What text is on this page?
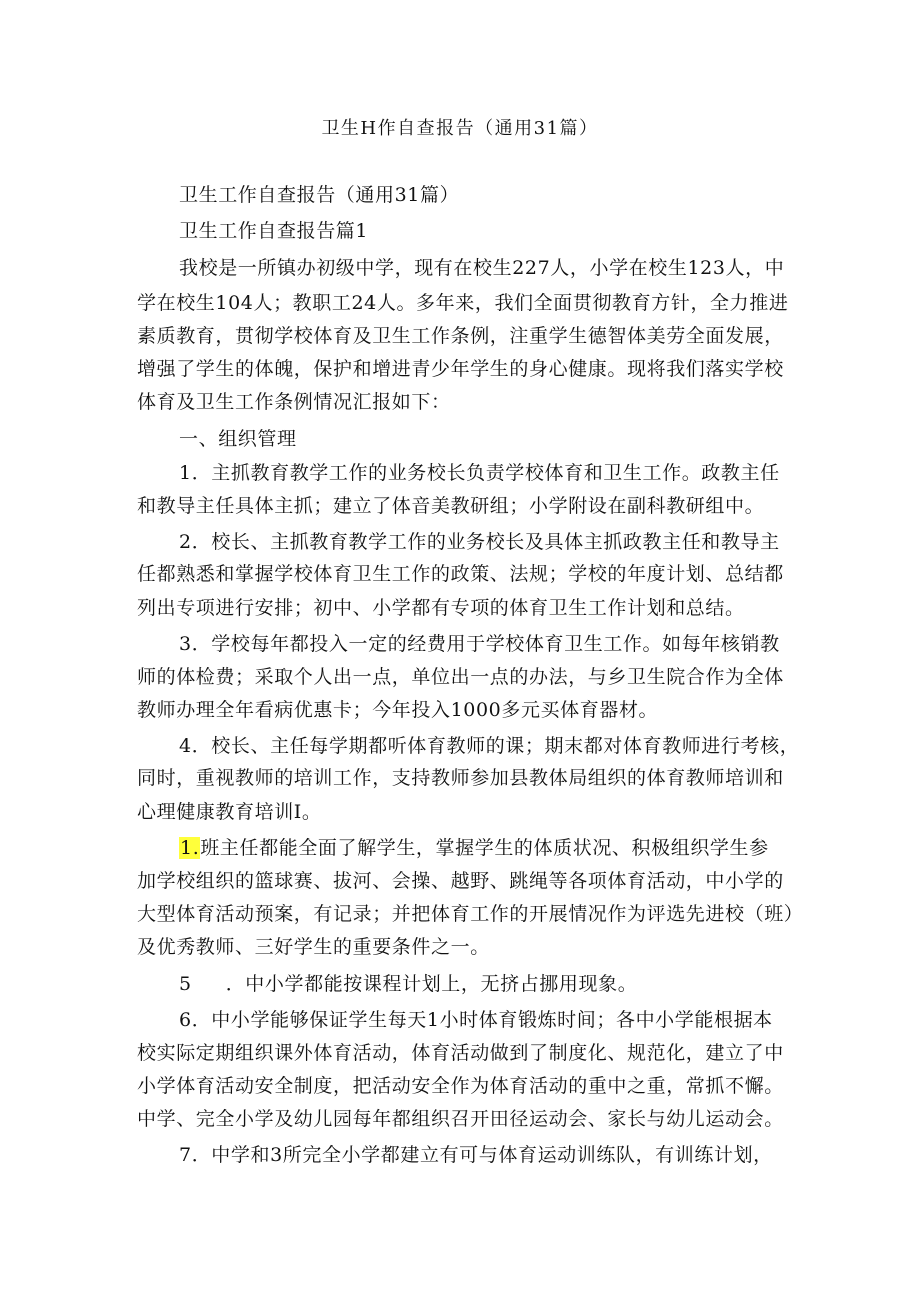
卫生H作自查报告（通用31篇）
卫生工作自查报告（通用31篇）
卫生工作自查报告篇1
我校是一所镇办初级中学，现有在校生227人，小学在校生123人，中
学在校生104人；教职工24人。多年来，我们全面贯彻教育方针，全力推进
素质教育，贯彻学校体育及卫生工作条例，注重学生德智体美劳全面发展，
增强了学生的体魄，保护和增进青少年学生的身心健康。现将我们落实学校
体育及卫生工作条例情况汇报如下：
一、组织管理
1．主抓教育教学工作的业务校长负责学校体育和卫生工作。政教主任
和教导主任具体主抓；建立了体音美教研组；小学附设在副科教研组中。
2．校长、主抓教育教学工作的业务校长及具体主抓政教主任和教导主
任都熟悉和掌握学校体育卫生工作的政策、法规；学校的年度计划、总结都
列出专项进行安排；初中、小学都有专项的体育卫生工作计划和总结。
3．学校每年都投入一定的经费用于学校体育卫生工作。如每年核销教
师的体检费；采取个人出一点，单位出一点的办法，与乡卫生院合作为全体
教师办理全年看病优惠卡；今年投入1000多元买体育器材。
4．校长、主任每学期都听体育教师的课；期末都对体育教师进行考核，
同时，重视教师的培训工作，支持教师参加县教体局组织的体育教师培训和
心理健康教育培训I。
1.班主任都能全面了解学生，掌握学生的体质状况、积极组织学生参
加学校组织的篮球赛、拔河、会操、越野、跳绳等各项体育活动，中小学的
大型体育活动预案，有记录；并把体育工作的开展情况作为评选先进校（班）
及优秀教师、三好学生的重要条件之一。
5 ．中小学都能按课程计划上，无挤占挪用现象。
6．中小学能够保证学生每天1小时体育锻炼时间；各中小学能根据本
校实际定期组织课外体育活动，体育活动做到了制度化、规范化，建立了中
小学体育活动安全制度，把活动安全作为体育活动的重中之重，常抓不懈。
中学、完全小学及幼儿园每年都组织召开田径运动会、家长与幼儿运动会。
7．中学和3所完全小学都建立有可与体育运动训练队，有训练计划，
